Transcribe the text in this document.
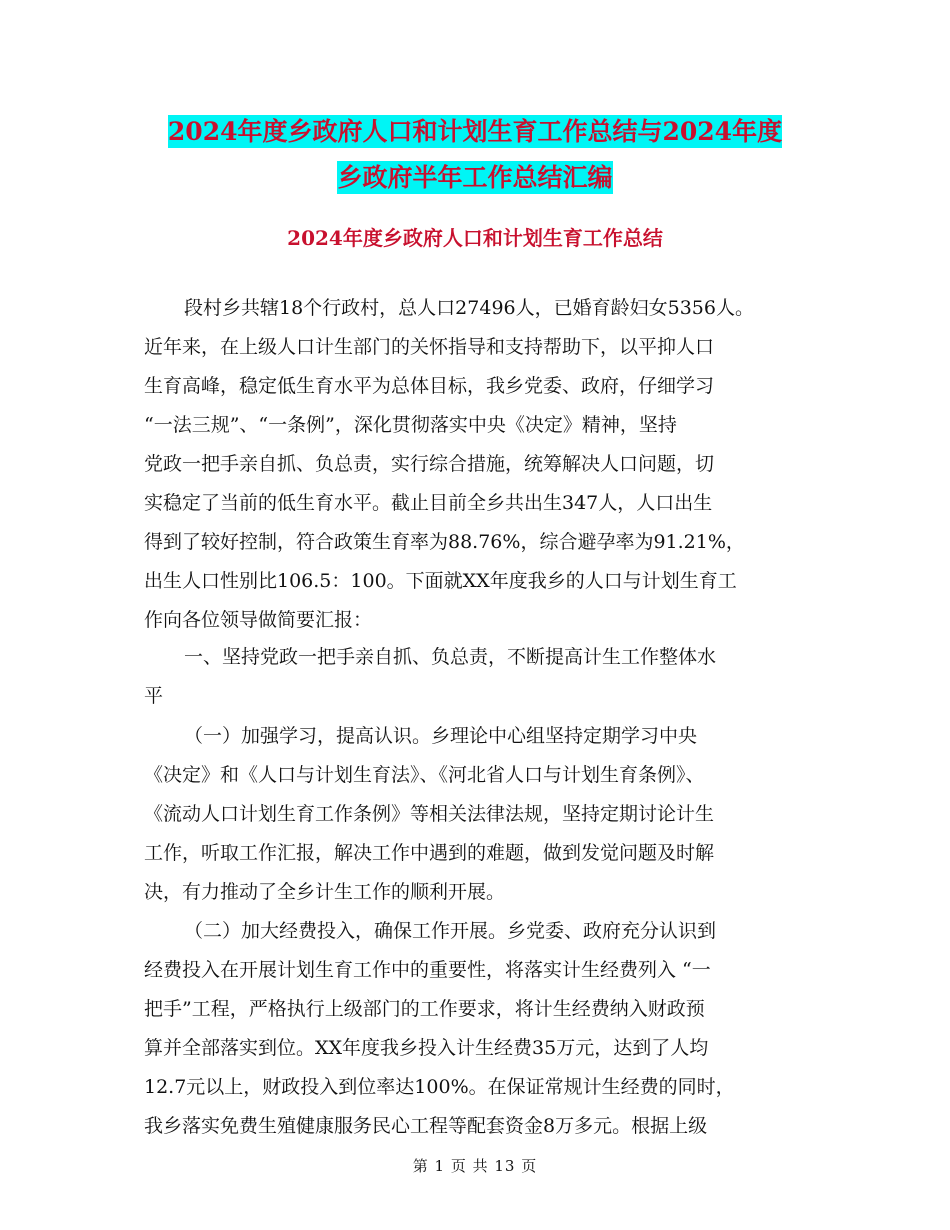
2024年度乡政府人口和计划生育工作总结与2024年度
乡政府半年工作总结汇编
2024年度乡政府人口和计划生育工作总结
段村乡共辖18个行政村，总人口27496人，已婚育龄妇女5356人。
近年来，在上级人口计生部门的关怀指导和支持帮助下，以平抑人口
生育高峰，稳定低生育水平为总体目标，我乡党委、政府，仔细学习
“一法三规”、“一条例”，深化贯彻落实中央《决定》精神，坚持
党政一把手亲自抓、负总责，实行综合措施，统筹解决人口问题，切
实稳定了当前的低生育水平。截止目前全乡共出生347人，人口出生
得到了较好控制，符合政策生育率为88.76%，综合避孕率为91.21%，
出生人口性别比106.5：100。下面就XX年度我乡的人口与计划生育工
作向各位领导做简要汇报：
一、坚持党政一把手亲自抓、负总责，不断提高计生工作整体水
平
（一）加强学习，提高认识。乡理论中心组坚持定期学习中央
《决定》和《人口与计划生育法》、《河北省人口与计划生育条例》、
《流动人口计划生育工作条例》等相关法律法规，坚持定期讨论计生
工作，听取工作汇报，解决工作中遇到的难题，做到发觉问题及时解
决，有力推动了全乡计生工作的顺利开展。
（二）加大经费投入，确保工作开展。乡党委、政府充分认识到
经费投入在开展计划生育工作中的重要性，将落实计生经费列入 “一
把手”工程，严格执行上级部门的工作要求，将计生经费纳入财政预
算并全部落实到位。XX年度我乡投入计生经费35万元，达到了人均
12.7元以上，财政投入到位率达100%。在保证常规计生经费的同时，
我乡落实免费生殖健康服务民心工程等配套资金8万多元。根据上级
第 1 页 共 13 页
